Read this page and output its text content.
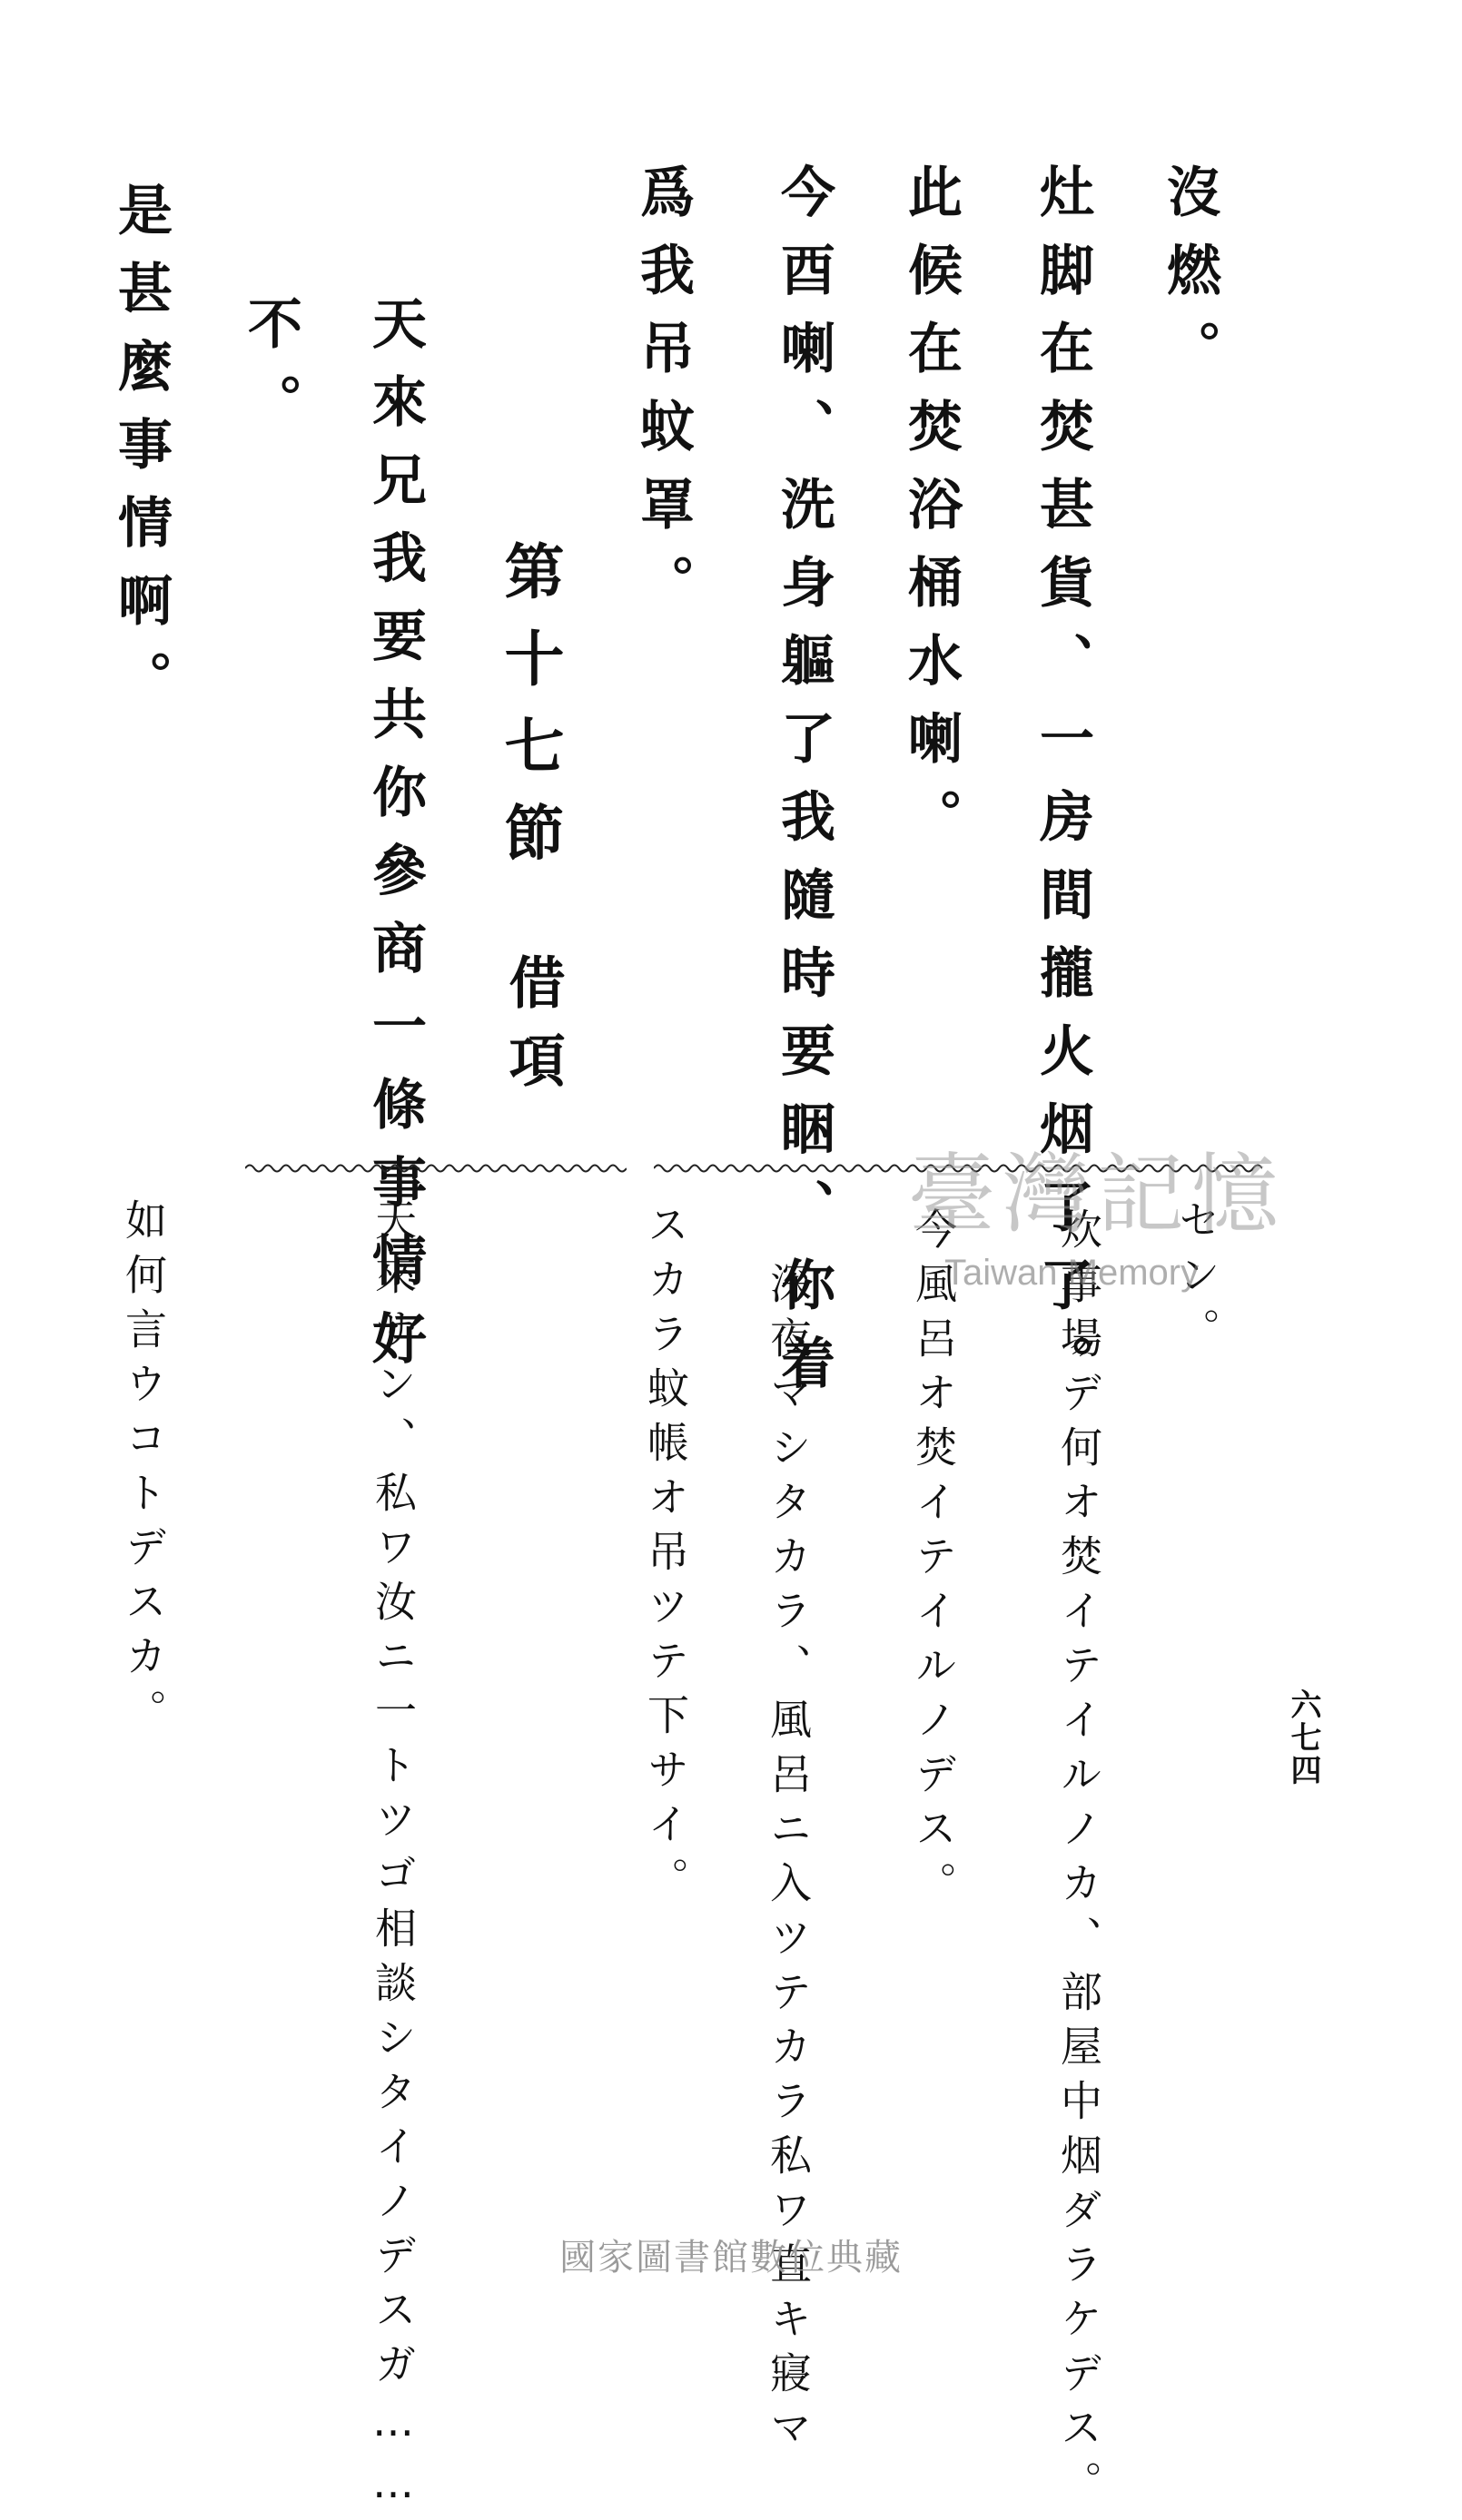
沒燃。
灶脚在焚甚貨、一房間攏火烟了了。
此候在焚浴桶水喇。
今酉喇、洗身軀了我隨時要睏、你着
爲我吊蚊罩。
第十七節
借項
天來兄我要共你參商一條事情好
不。
是甚麼事情啊。
セン。
炊事場デ何オ焚イテイルノカ、部屋中烟ダラケデス。
今風呂オ焚イテイルノデス。
深夜マシタカラ、風呂ニ入ツテカラ私ワ直キ寢マ
スカラ蚊帳オ吊ツテ下サイ。
天來サン、私ワ汝ニ一トツゴ相談シタイノデスガ……
如何言ウコトデスカ。	六七四
臺灣記憶
Taiwan Memory
國家圖書館數位典藏
